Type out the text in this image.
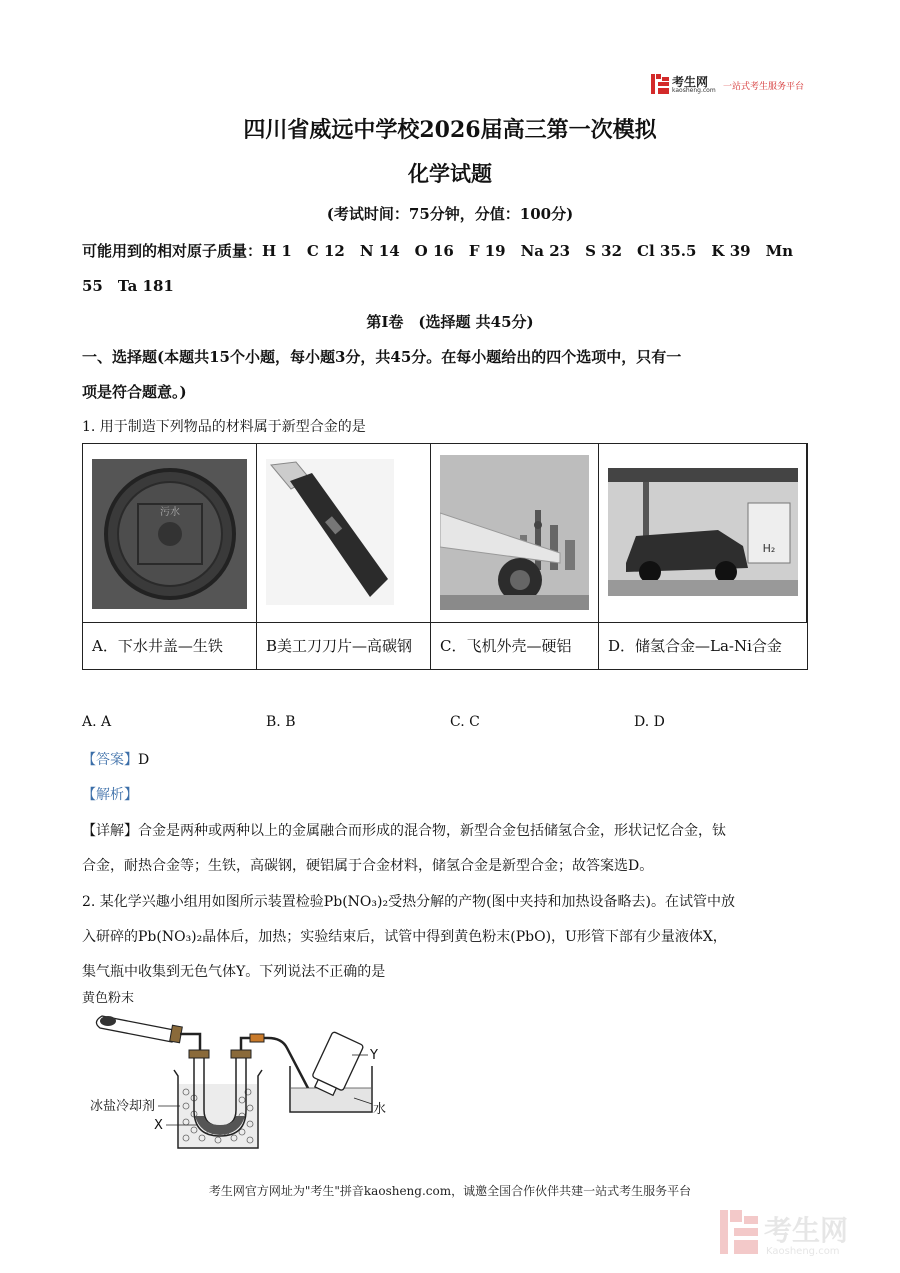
考生网
kaosheng.com 一站式考生服务平台
四川省威远中学校2026届高三第一次模拟
化学试题
(考试时间：75分钟，分值：100分)
可能用到的相对原子质量：H 1　C 12　N 14　O 16　F 19　Na 23　S 32　Cl 35.5　K 39　Mn
55　Ta 181
第Ⅰ卷　(选择题 共45分)
一、选择题(本题共15个小题，每小题3分，共45分。在每小题给出的四个选项中，只有一
项是符合题意。)
1. 用于制造下列物品的材料属于新型合金的是
污水
H₂
A．下水井盖—生铁	B美工刀刀片—高碳钢	C．飞机外壳—硬铝	D．储氢合金—La-Ni合金
A. A	B. B	C. C	D. D
【答案】D
【解析】
【详解】合金是两种或两种以上的金属融合而形成的混合物，新型合金包括储氢合金，形状记忆合金，钛
合金，耐热合金等；生铁，高碳钢，硬铝属于合金材料，储氢合金是新型合金；故答案选D。
2. 某化学兴趣小组用如图所示装置检验Pb(NO₃)₂受热分解的产物(图中夹持和加热设备略去)。在试管中放
入研碎的Pb(NO₃)₂晶体后，加热；实验结束后，试管中得到黄色粉末(PbO)，U形管下部有少量液体X，
集气瓶中收集到无色气体Y。下列说法不正确的是
黄色粉末
Y
水
冰盐冷却剂
X
考生网官方网址为"考生"拼音kaosheng.com，诚邀全国合作伙伴共建一站式考生服务平台
考生网
Kaosheng.com
